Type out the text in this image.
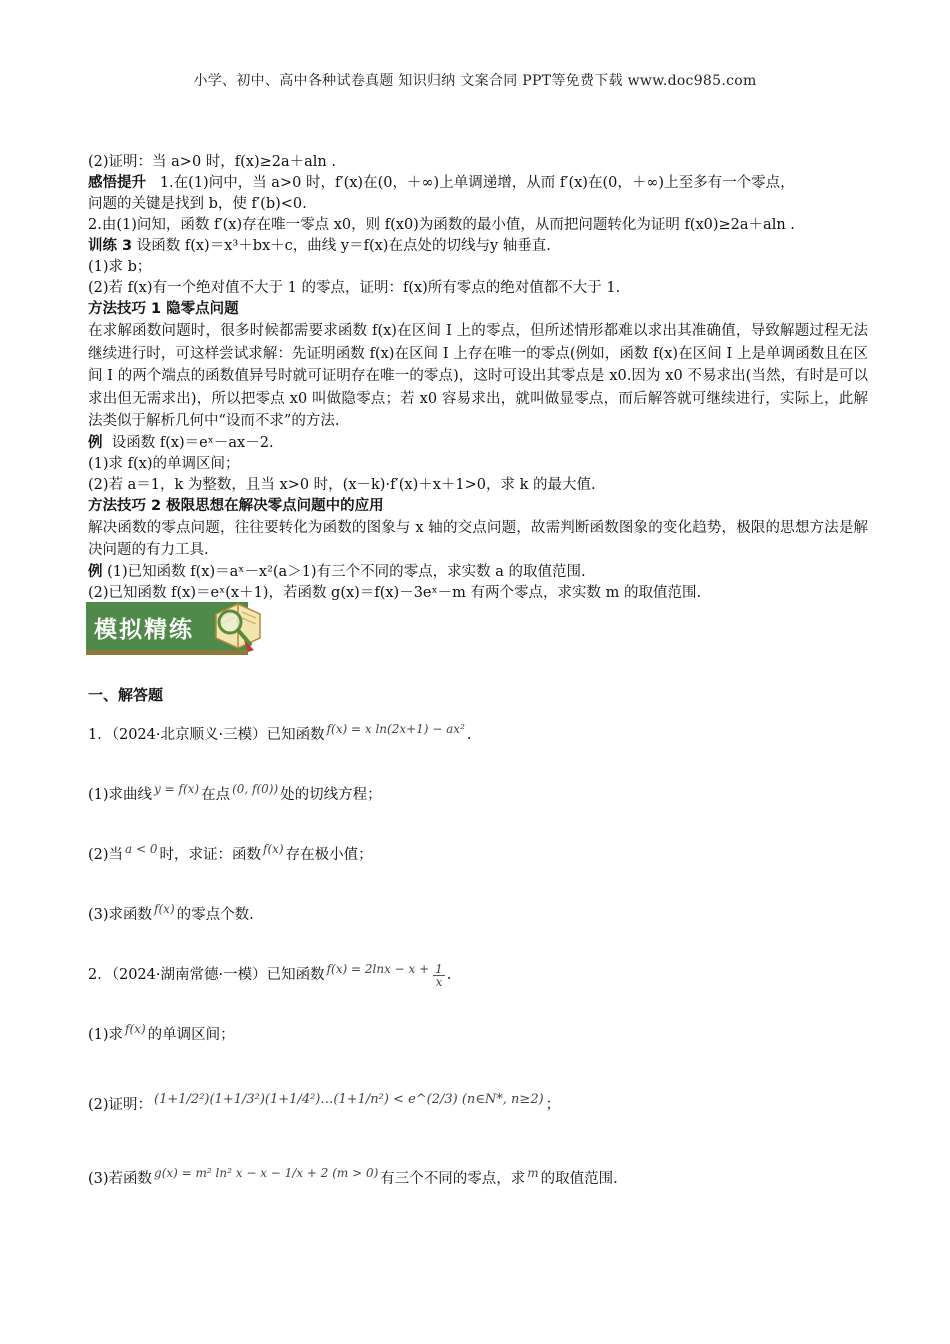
小学、初中、高中各种试卷真题 知识归纳 文案合同 PPT等免费下载 www.doc985.com

(2)证明：当 a>0 时，f(x)≥2a＋aln .

感悟提升 1.在(1)问中，当 a>0 时，f′(x)在(0，＋∞)上单调递增，从而 f′(x)在(0，＋∞)上至多有一个零点，

问题的关键是找到 b，使 f′(b)<0.

2.由(1)问知，函数 f′(x)存在唯一零点 x0，则 f(x0)为函数的最小值，从而把问题转化为证明 f(x0)≥2a＋aln .

训练 3 设函数 f(x)＝x³＋bx＋c，曲线 y＝f(x)在点处的切线与y 轴垂直.

(1)求 b；

(2)若 f(x)有一个绝对值不大于 1 的零点，证明：f(x)所有零点的绝对值都不大于 1.

方法技巧 1 隐零点问题

在求解函数问题时，很多时候都需要求函数 f(x)在区间 I 上的零点，但所述情形都难以求出其准确值，导致解题过程无法继续进行时，可这样尝试求解：先证明函数 f(x)在区间 I 上存在唯一的零点(例如，函数 f(x)在区间 I 上是单调函数且在区间 I 的两个端点的函数值异号时就可证明存在唯一的零点)，这时可设出其零点是 x0.因为 x0 不易求出(当然，有时是可以求出但无需求出)，所以把零点 x0 叫做隐零点；若 x0 容易求出，就叫做显零点，而后解答就可继续进行，实际上，此解法类似于解析几何中“设而不求”的方法.

例 设函数 f(x)＝eˣ－ax－2.

(1)求 f(x)的单调区间；

(2)若 a＝1，k 为整数，且当 x>0 时，(x－k)·f′(x)＋x＋1>0，求 k 的最大值.

方法技巧 2 极限思想在解决零点问题中的应用

解决函数的零点问题，往往要转化为函数的图象与 x 轴的交点问题，故需判断函数图象的变化趋势，极限的思想方法是解决问题的有力工具.

例 (1)已知函数 f(x)＝aˣ－x²(a＞1)有三个不同的零点，求实数 a 的取值范围.

(2)已知函数 f(x)＝eˣ(x＋1)，若函数 g(x)＝f(x)－3eˣ－m 有两个零点，求实数 m 的取值范围.

模拟精练
一、解答题
1．（2024·北京顺义·三模）已知函数 f(x) = x ln(2x+1) − ax² .
(1)求曲线 y = f(x) 在点 (0, f(0)) 处的切线方程；
(2)当 a < 0 时，求证：函数 f(x) 存在极小值；
(3)求函数 f(x) 的零点个数.
2．（2024·湖南常德·一模）已知函数 $f(x) = 2\ln x - x + \frac{1}{x}$ .
(1)求 f(x) 的单调区间；
(2)证明： (1+1/2²)(1+1/3²)(1+1/4²)…(1+1/n²) < e^(2/3) (n∈N*, n≥2) ；
(3)若函数 g(x) = m² ln² x − x − 1/x + 2 (m > 0) 有三个不同的零点，求 m 的取值范围.
